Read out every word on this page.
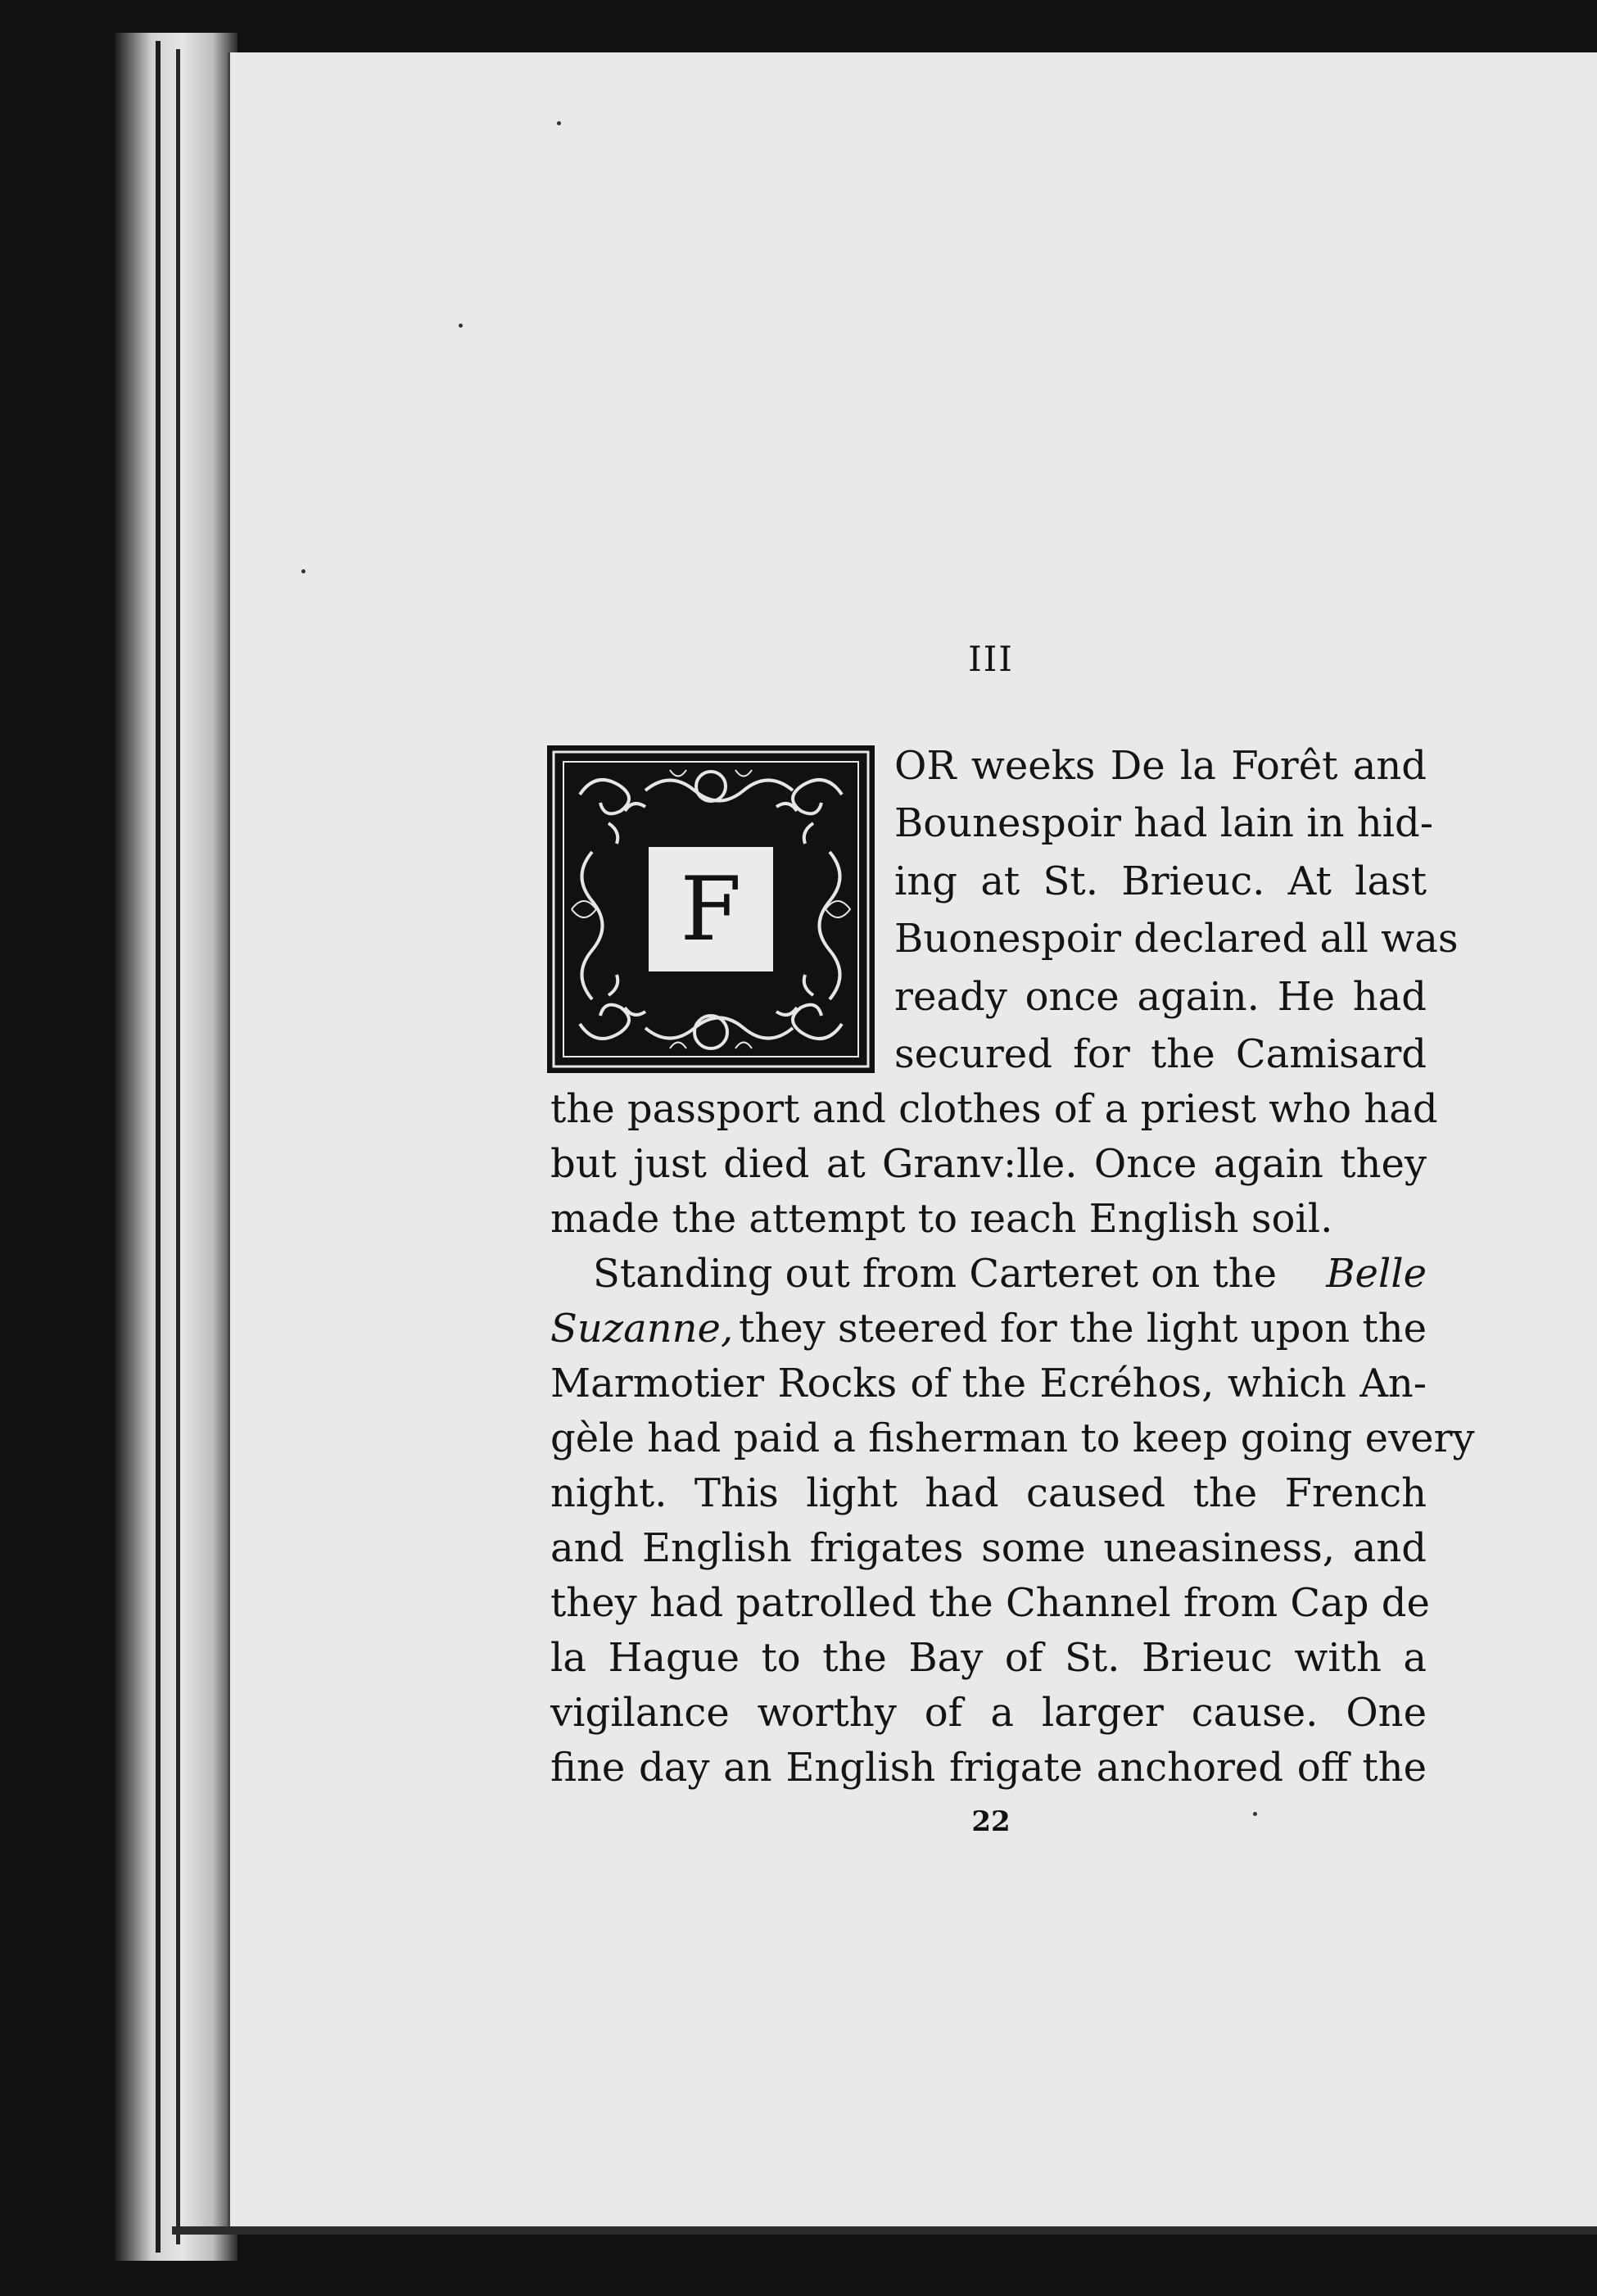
III
F
OR weeks De la Forêt and
Bounespoir had lain in hid-
ing at St. Brieuc. At last
Buonespoir declared all was
ready once again. He had
secured for the Camisard
the passport and clothes of a priest who had
but just died at Granv:lle. Once again they
made the attempt to ɪeach English soil.
Standing out from Carteret on the Belle
Suzanne, they steered for the light upon the
Marmotier Rocks of the Ecréhos, which An-
gèle had paid a fisherman to keep going every
night. This light had caused the French
and English frigates some uneasiness, and
they had patrolled the Channel from Cap de
la Hague to the Bay of St. Brieuc with a
vigilance worthy of a larger cause. One
fine day an English frigate anchored off the
22
